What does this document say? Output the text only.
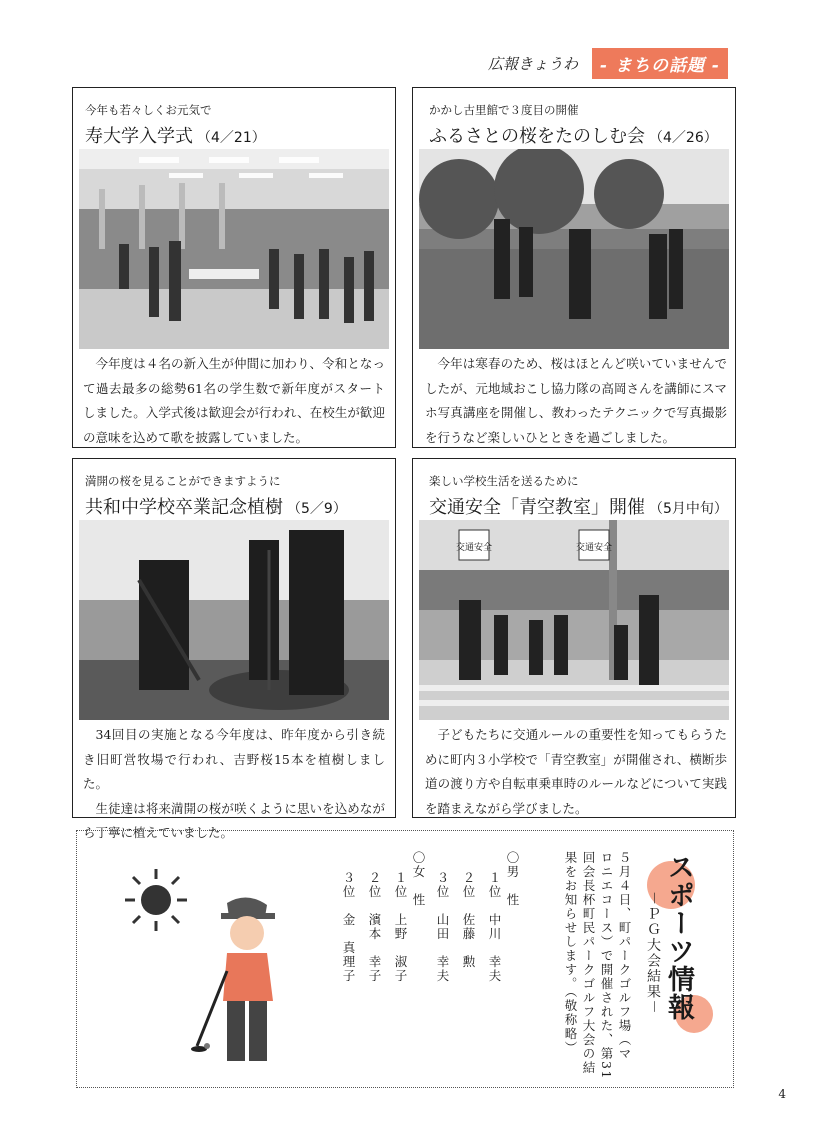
広報きょうわ	- まちの話題 -
今年も若々しくお元気で
寿大学入学式 （4／21）

今年度は４名の新入生が仲間に加わり、令和となって過去最多の総勢61名の学生数で新年度がスタートしました。入学式後は歓迎会が行われ、在校生が歓迎の意味を込めて歌を披露していました。

かかし古里館で３度目の開催
ふるさとの桜をたのしむ会 （4／26）

今年は寒春のため、桜はほとんど咲いていませんでしたが、元地域おこし協力隊の高岡さんを講師にスマホ写真講座を開催し、教わったテクニックで写真撮影を行うなど楽しいひとときを過ごしました。

満開の桜を見ることができますように
共和中学校卒業記念植樹 （5／9）

34回目の実施となる今年度は、昨年度から引き続き旧町営牧場で行われ、吉野桜15本を植樹しました。

生徒達は将来満開の桜が咲くように思いを込めながら丁寧に植えていました。

楽しい学校生活を送るために
交通安全「青空教室」開催 （5月中旬）
交通安全	交通安全

子どもたちに交通ルールの重要性を知ってもらうために町内３小学校で「青空教室」が開催され、横断歩道の渡り方や自転車乗車時のルールなどについて実践を踏まえながら学びました。

スポーツ情報
－ＰＧ大会結果－
５月４日、町パークゴルフ場（マ
ロニエコース）で開催された、第31
回会長杯町民パークゴルフ大会の結
果をお知らせします。（敬称略）
〇男　性
１位　中川　幸夫
２位　佐藤　勲
３位　山田　幸夫
〇女　性
１位　上野　淑子
２位　濱本　幸子
３位　金　真理子
4
